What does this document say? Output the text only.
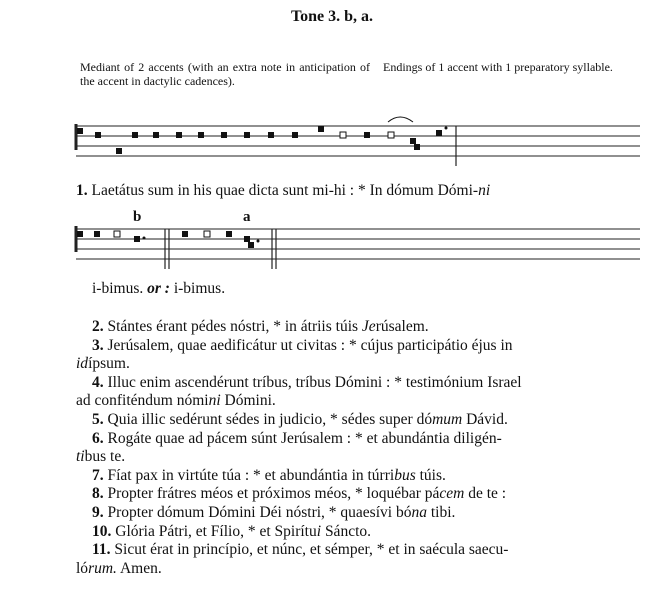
Tone 3. b, a.

Mediant of 2 accents (with an extra note in anticipation of the accent in dactylic cadences).

Endings of 1 accent with 1 preparatory syllable.

1. Laetátus sum in his quae dicta sunt mi-hi : * In dómum Dómi-ni
b	a
i-bimus. or : i-bimus.
2. Stántes érant pédes nóstri, * in átriis túis Jerúsalem.
3. Jerúsalem, quae aedificátur ut civitas : * cújus participátio éjus in
idípsum.
4. Illuc enim ascendérunt tríbus, tríbus Dómini : * testimónium Israel
ad confiténdum nómini Dómini.
5. Quia illic sedérunt sédes in judicio, * sédes super dómum Dávid.
6. Rogáte quae ad pácem súnt Jerúsalem : * et abundántia diligén-
tibus te.
7. Fíat pax in virtúte túa : * et abundántia in túrribus túis.
8. Propter frátres méos et próximos méos, * loquébar pácem de te :
9. Propter dómum Dómini Déi nóstri, * quaesívi bóna tibi.
10. Glória Pátri, et Fílio, * et Spirítui Sáncto.
11. Sicut érat in princípio, et núnc, et sémper, * et in saécula saecu-
lórum. Amen.
